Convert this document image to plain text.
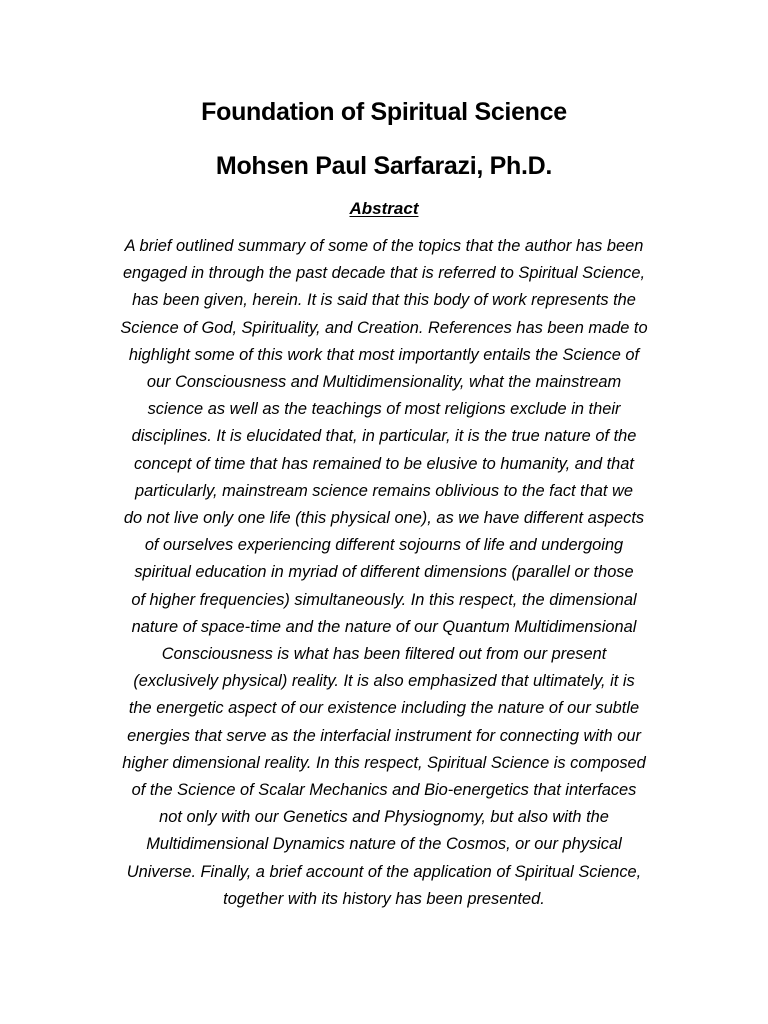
Foundation of Spiritual Science
Mohsen Paul Sarfarazi, Ph.D.
Abstract

A brief outlined summary of some of the topics that the author has been
engaged in through the past decade that is referred to Spiritual Science,
has been given, herein. It is said that this body of work represents the
Science of God, Spirituality, and Creation. References has been made to
highlight some of this work that most importantly entails the Science of
our Consciousness and Multidimensionality, what the mainstream
science as well as the teachings of most religions exclude in their
disciplines. It is elucidated that, in particular, it is the true nature of the
concept of time that has remained to be elusive to humanity, and that
particularly, mainstream science remains oblivious to the fact that we
do not live only one life (this physical one), as we have different aspects
of ourselves experiencing different sojourns of life and undergoing
spiritual education in myriad of different dimensions (parallel or those
of higher frequencies) simultaneously. In this respect, the dimensional
nature of space-time and the nature of our Quantum Multidimensional
Consciousness is what has been filtered out from our present
(exclusively physical) reality. It is also emphasized that ultimately, it is
the energetic aspect of our existence including the nature of our subtle
energies that serve as the interfacial instrument for connecting with our
higher dimensional reality. In this respect, Spiritual Science is composed
of the Science of Scalar Mechanics and Bio-energetics that interfaces
not only with our Genetics and Physiognomy, but also with the
Multidimensional Dynamics nature of the Cosmos, or our physical
Universe. Finally, a brief account of the application of Spiritual Science,
together with its history has been presented.
